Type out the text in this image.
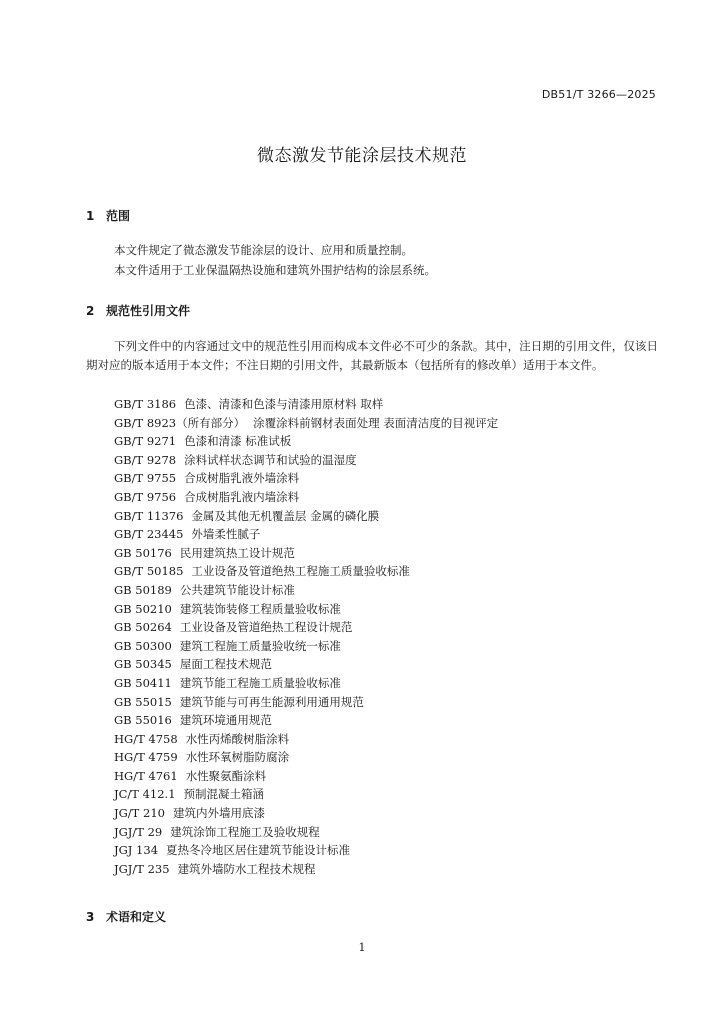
DB51/T 3266—2025
微态激发节能涂层技术规范
1 范围
本文件规定了微态激发节能涂层的设计、应用和质量控制。
本文件适用于工业保温隔热设施和建筑外围护结构的涂层系统。
2 规范性引用文件
下列文件中的内容通过文中的规范性引用而构成本文件必不可少的条款。其中，注日期的引用文件，仅该日期对应的版本适用于本文件；不注日期的引用文件，其最新版本（包括所有的修改单）适用于本文件。
GB/T 3186 色漆、清漆和色漆与清漆用原材料 取样
GB/T 8923（所有部分） 涂覆涂料前钢材表面处理 表面清洁度的目视评定
GB/T 9271 色漆和清漆 标准试板
GB/T 9278 涂料试样状态调节和试验的温湿度
GB/T 9755 合成树脂乳液外墙涂料
GB/T 9756 合成树脂乳液内墙涂料
GB/T 11376 金属及其他无机覆盖层 金属的磷化膜
GB/T 23445 外墙柔性腻子
GB 50176 民用建筑热工设计规范
GB/T 50185 工业设备及管道绝热工程施工质量验收标准
GB 50189 公共建筑节能设计标准
GB 50210 建筑装饰装修工程质量验收标准
GB 50264 工业设备及管道绝热工程设计规范
GB 50300 建筑工程施工质量验收统一标准
GB 50345 屋面工程技术规范
GB 50411 建筑节能工程施工质量验收标准
GB 55015 建筑节能与可再生能源利用通用规范
GB 55016 建筑环境通用规范
HG/T 4758 水性丙烯酸树脂涂料
HG/T 4759 水性环氧树脂防腐涂
HG/T 4761 水性聚氨酯涂料
JC/T 412.1 预制混凝土箱涵
JG/T 210 建筑内外墙用底漆
JGJ/T 29 建筑涂饰工程施工及验收规程
JGJ 134 夏热冬冷地区居住建筑节能设计标准
JGJ/T 235 建筑外墙防水工程技术规程
3 术语和定义
1
